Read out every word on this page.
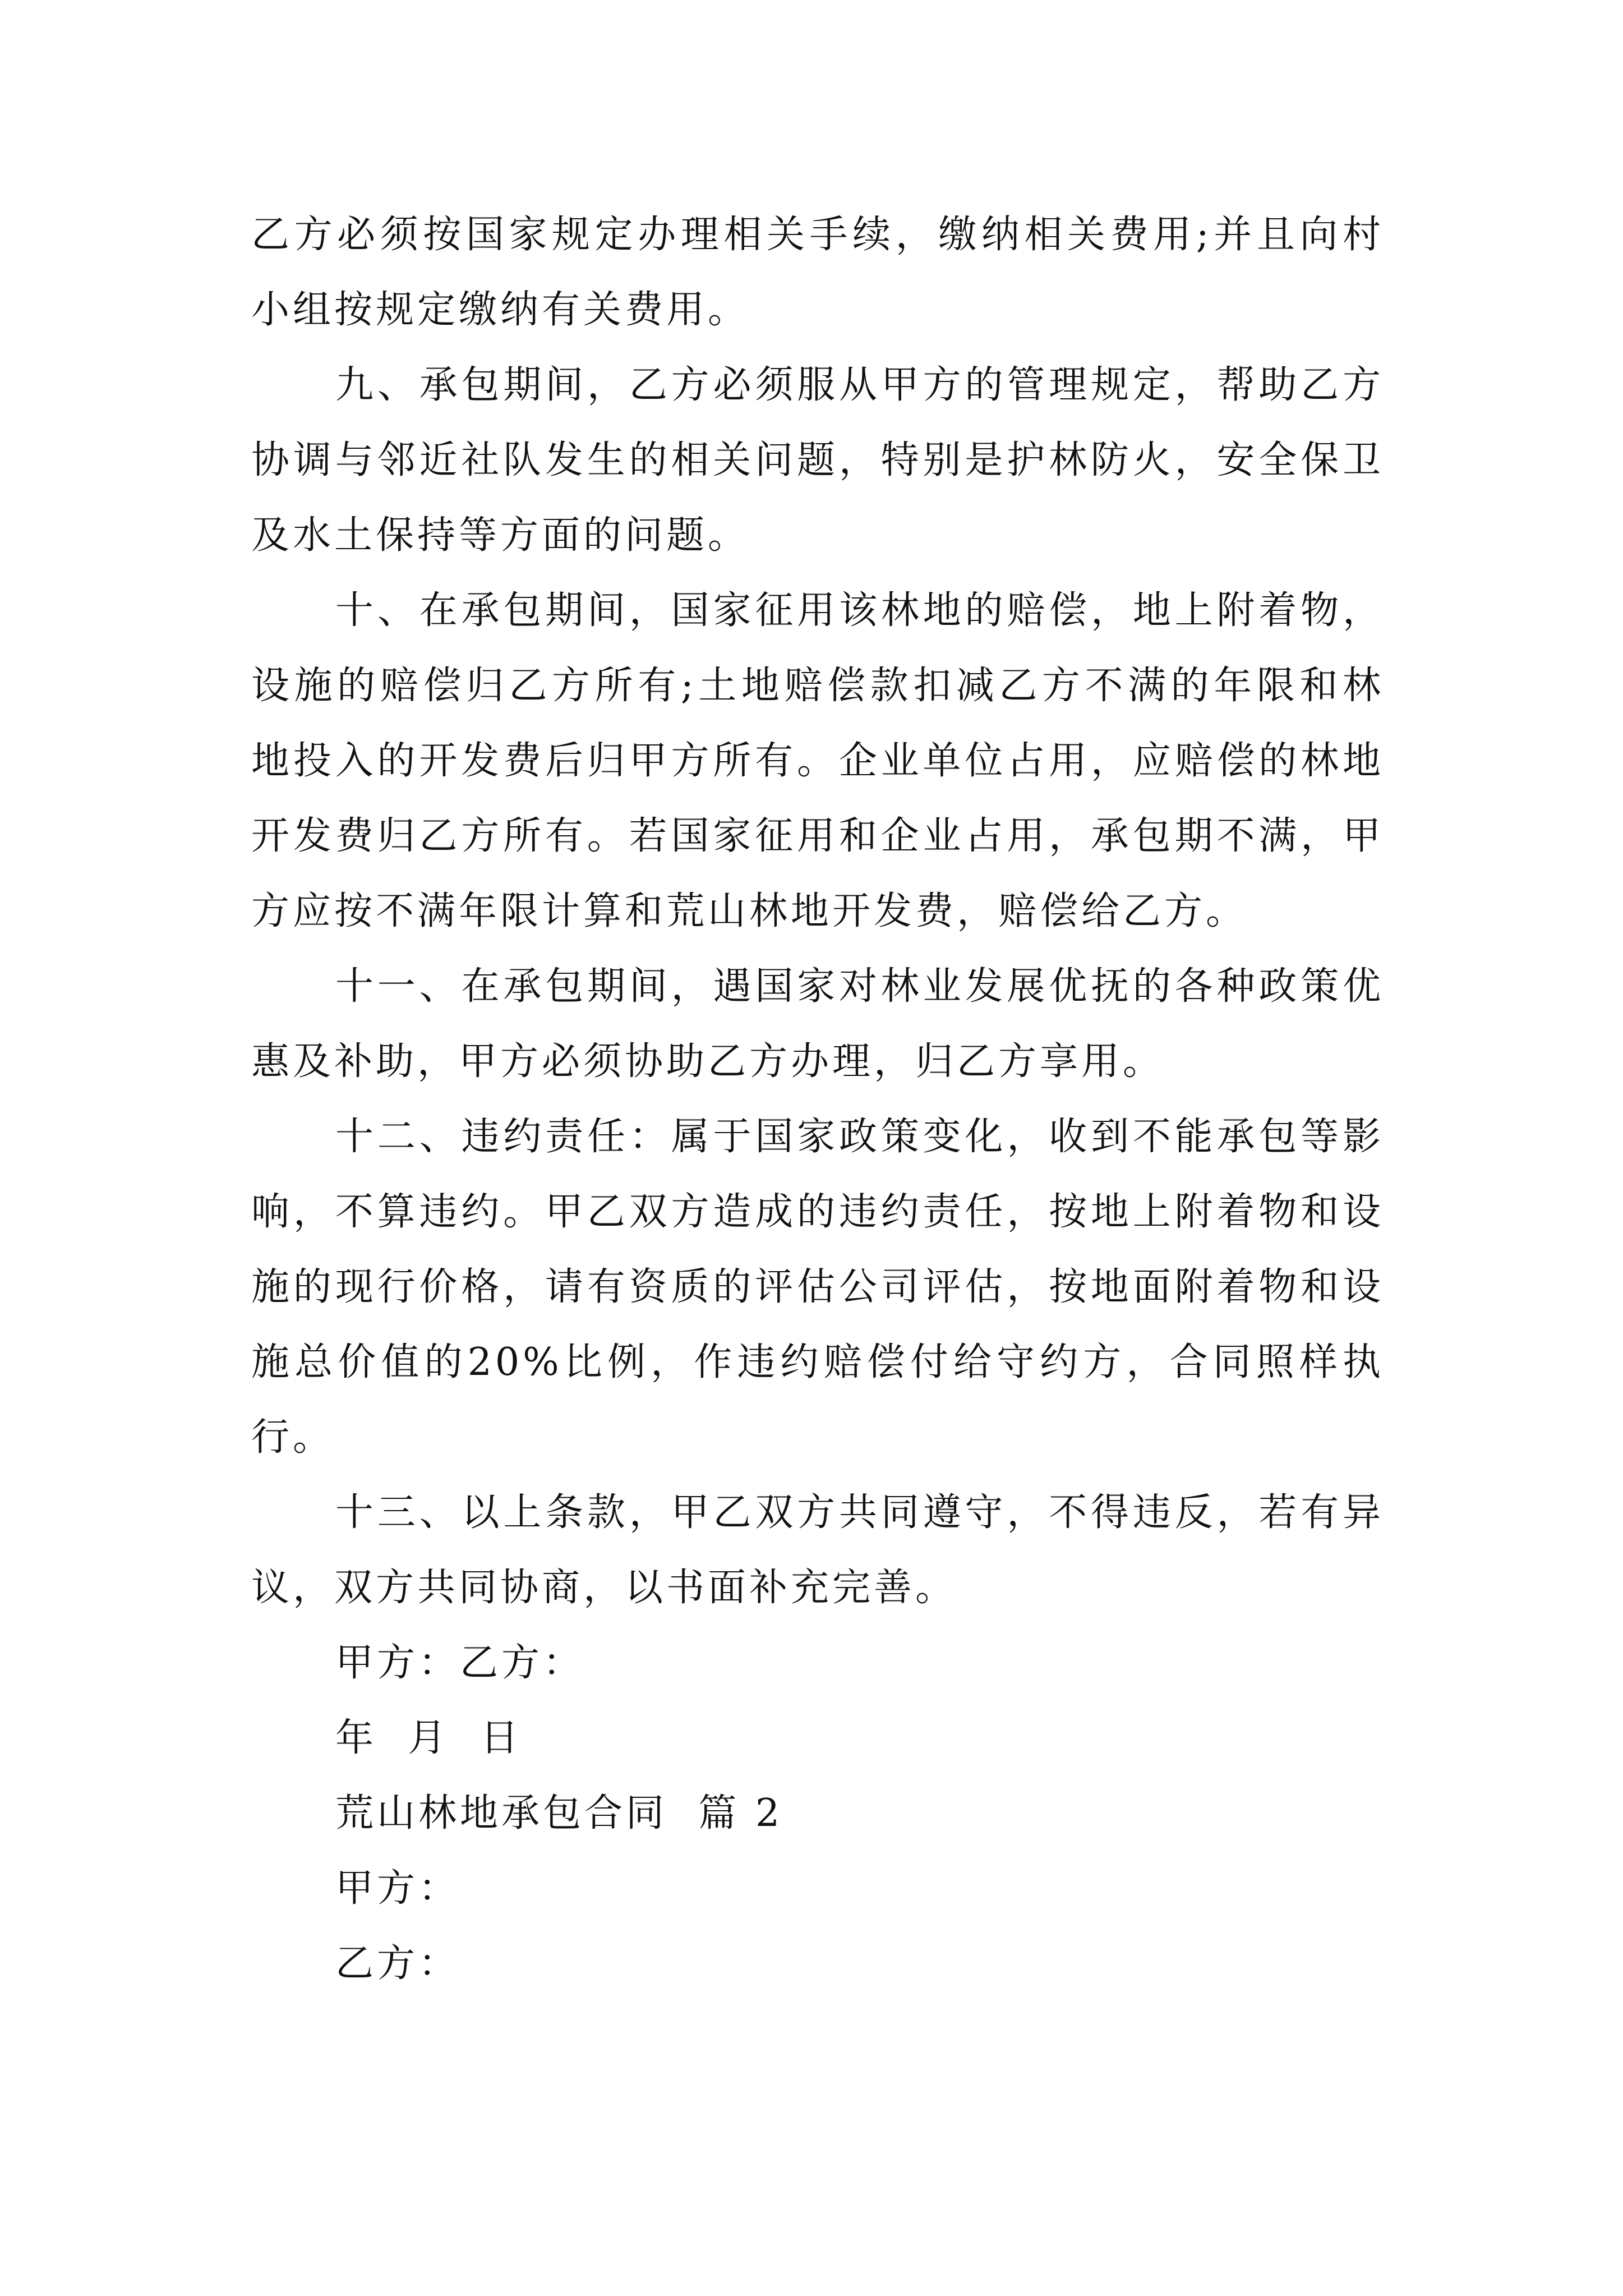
乙方必须按国家规定办理相关手续，缴纳相关费用;并且向村小组按规定缴纳有关费用。

九、承包期间，乙方必须服从甲方的管理规定，帮助乙方协调与邻近社队发生的相关问题，特别是护林防火，安全保卫及水土保持等方面的问题。

十、在承包期间，国家征用该林地的赔偿，地上附着物，设施的赔偿归乙方所有;土地赔偿款扣减乙方不满的年限和林地投入的开发费后归甲方所有。企业单位占用，应赔偿的林地开发费归乙方所有。若国家征用和企业占用，承包期不满，甲方应按不满年限计算和荒山林地开发费，赔偿给乙方。

十一、在承包期间，遇国家对林业发展优抚的各种政策优惠及补助，甲方必须协助乙方办理，归乙方享用。

十二、违约责任：属于国家政策变化，收到不能承包等影响，不算违约。甲乙双方造成的违约责任，按地上附着物和设施的现行价格，请有资质的评估公司评估，按地面附着物和设施总价值的20%比例，作违约赔偿付给守约方，合同照样执行。

十三、以上条款，甲乙双方共同遵守，不得违反，若有异议，双方共同协商，以书面补充完善。

甲方：乙方：

年  月  日

荒山林地承包合同  篇 2

甲方：

乙方：
